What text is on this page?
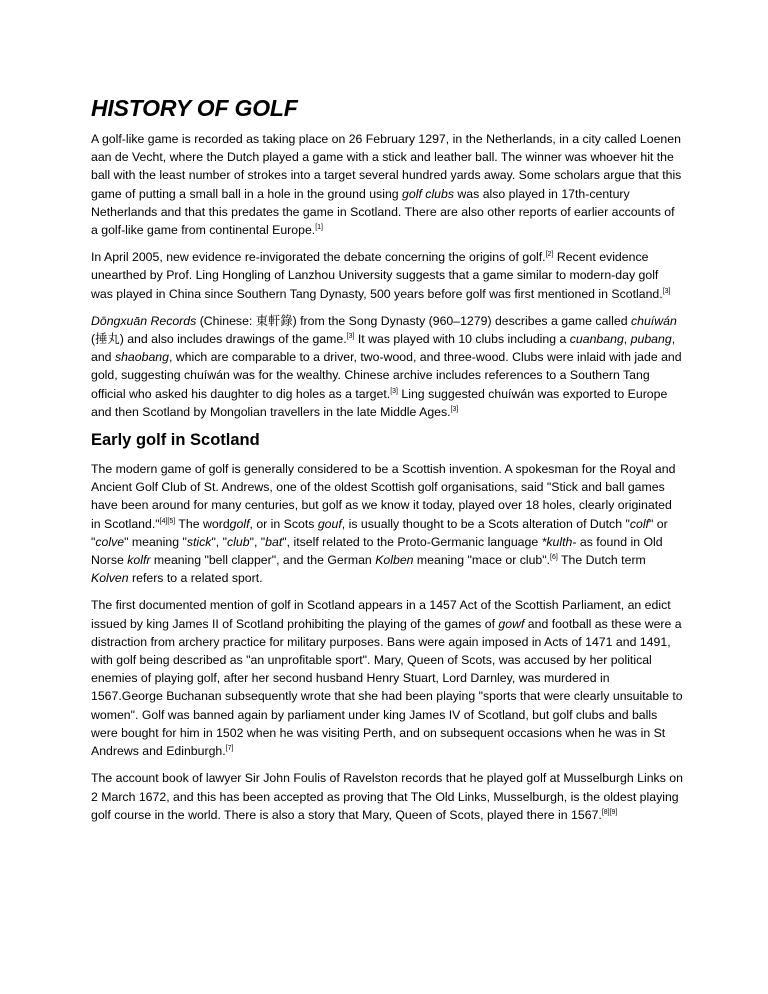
HISTORY OF GOLF

A golf-like game is recorded as taking place on 26 February 1297, in the Netherlands, in a city called Loenen aan de Vecht, where the Dutch played a game with a stick and leather ball. The winner was whoever hit the ball with the least number of strokes into a target several hundred yards away. Some scholars argue that this game of putting a small ball in a hole in the ground using golf clubs was also played in 17th-century Netherlands and that this predates the game in Scotland. There are also other reports of earlier accounts of a golf-like game from continental Europe.[1]

In April 2005, new evidence re-invigorated the debate concerning the origins of golf.[2] Recent evidence unearthed by Prof. Ling Hongling of Lanzhou University suggests that a game similar to modern-day golf was played in China since Southern Tang Dynasty, 500 years before golf was first mentioned in Scotland.[3]

Dōngxuān Records (Chinese: 東軒錄) from the Song Dynasty (960–1279) describes a game called chuíwán (捶丸) and also includes drawings of the game.[3] It was played with 10 clubs including a cuanbang, pubang, and shaobang, which are comparable to a driver, two-wood, and three-wood. Clubs were inlaid with jade and gold, suggesting chuíwán was for the wealthy. Chinese archive includes references to a Southern Tang official who asked his daughter to dig holes as a target.[3] Ling suggested chuíwán was exported to Europe and then Scotland by Mongolian travellers in the late Middle Ages.[3]

Early golf in Scotland

The modern game of golf is generally considered to be a Scottish invention. A spokesman for the Royal and Ancient Golf Club of St. Andrews, one of the oldest Scottish golf organisations, said "Stick and ball games have been around for many centuries, but golf as we know it today, played over 18 holes, clearly originated in Scotland."[4][5] The wordgolf, or in Scots gouf, is usually thought to be a Scots alteration of Dutch "colf" or "colve" meaning "stick", "club", "bat", itself related to the Proto-Germanic language *kulth- as found in Old Norse kolfr meaning "bell clapper", and the German Kolben meaning "mace or club".[6] The Dutch term Kolven refers to a related sport.

The first documented mention of golf in Scotland appears in a 1457 Act of the Scottish Parliament, an edict issued by king James II of Scotland prohibiting the playing of the games of gowf and football as these were a distraction from archery practice for military purposes. Bans were again imposed in Acts of 1471 and 1491, with golf being described as "an unprofitable sport". Mary, Queen of Scots, was accused by her political enemies of playing golf, after her second husband Henry Stuart, Lord Darnley, was murdered in 1567.George Buchanan subsequently wrote that she had been playing "sports that were clearly unsuitable to women". Golf was banned again by parliament under king James IV of Scotland, but golf clubs and balls were bought for him in 1502 when he was visiting Perth, and on subsequent occasions when he was in St Andrews and Edinburgh.[7]

The account book of lawyer Sir John Foulis of Ravelston records that he played golf at Musselburgh Links on 2 March 1672, and this has been accepted as proving that The Old Links, Musselburgh, is the oldest playing golf course in the world. There is also a story that Mary, Queen of Scots, played there in 1567.[8][9]
